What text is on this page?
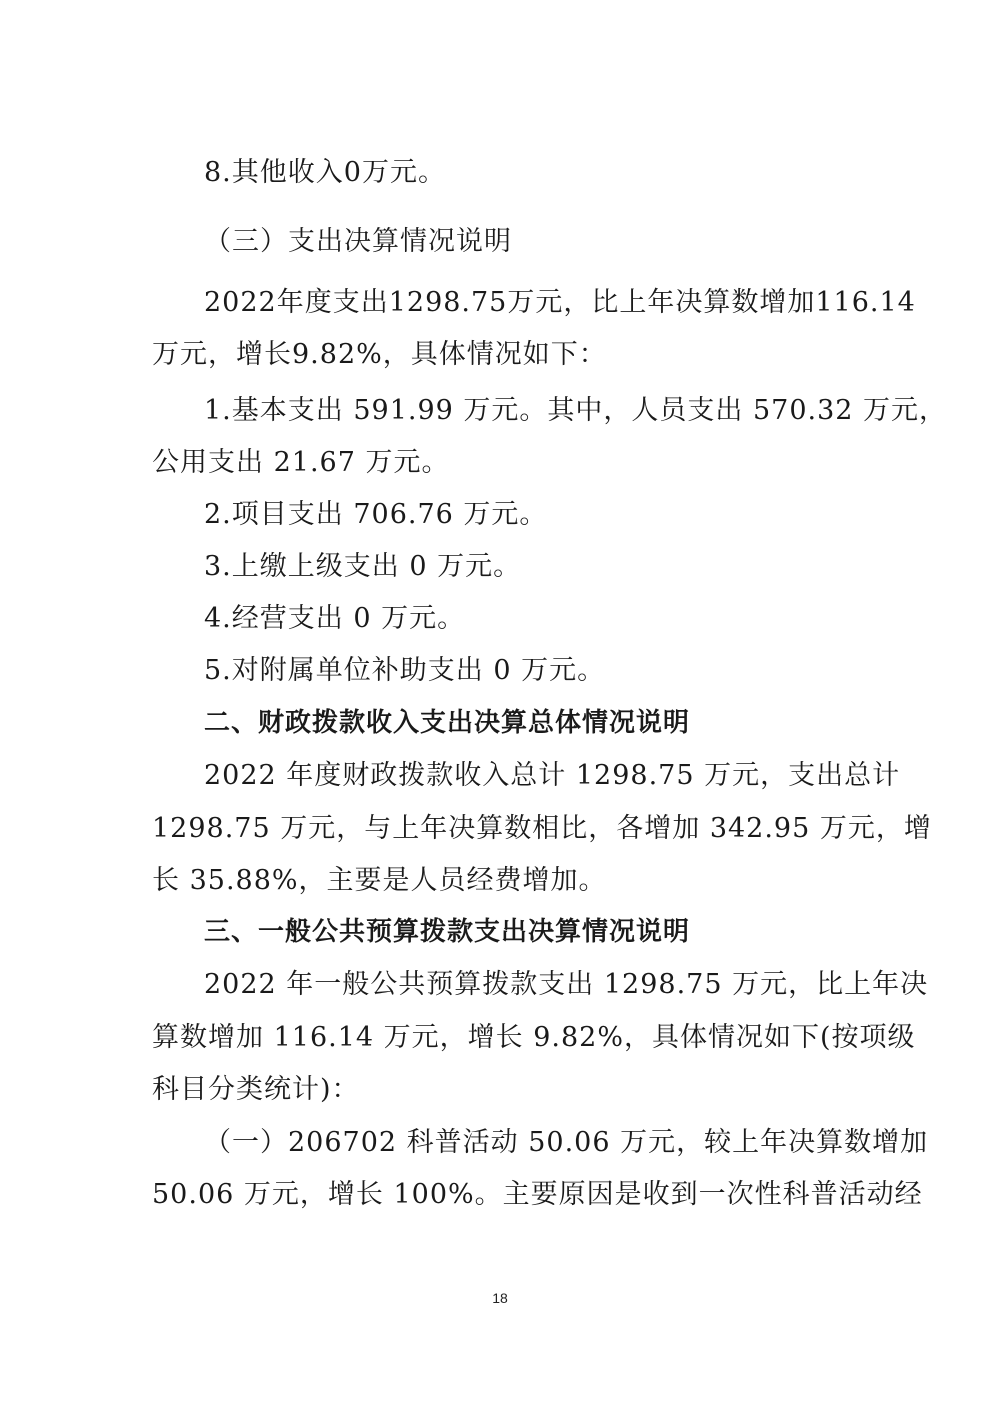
8.其他收入0万元。
（三）支出决算情况说明
2022年度支出1298.75万元，比上年决算数增加116.14
万元，增长9.82%，具体情况如下：
1.基本支出 591.99 万元。其中，人员支出 570.32 万元，
公用支出 21.67 万元。
2.项目支出 706.76 万元。
3.上缴上级支出 0 万元。
4.经营支出 0 万元。
5.对附属单位补助支出 0 万元。
二、财政拨款收入支出决算总体情况说明
2022 年度财政拨款收入总计 1298.75 万元，支出总计
1298.75 万元，与上年决算数相比，各增加 342.95 万元，增
长 35.88%，主要是人员经费增加。
三、一般公共预算拨款支出决算情况说明
2022 年一般公共预算拨款支出 1298.75 万元，比上年决
算数增加 116.14 万元，增长 9.82%，具体情况如下(按项级
科目分类统计)：
（一）206702 科普活动 50.06 万元，较上年决算数增加
50.06 万元，增长 100%。主要原因是收到一次性科普活动经
18
